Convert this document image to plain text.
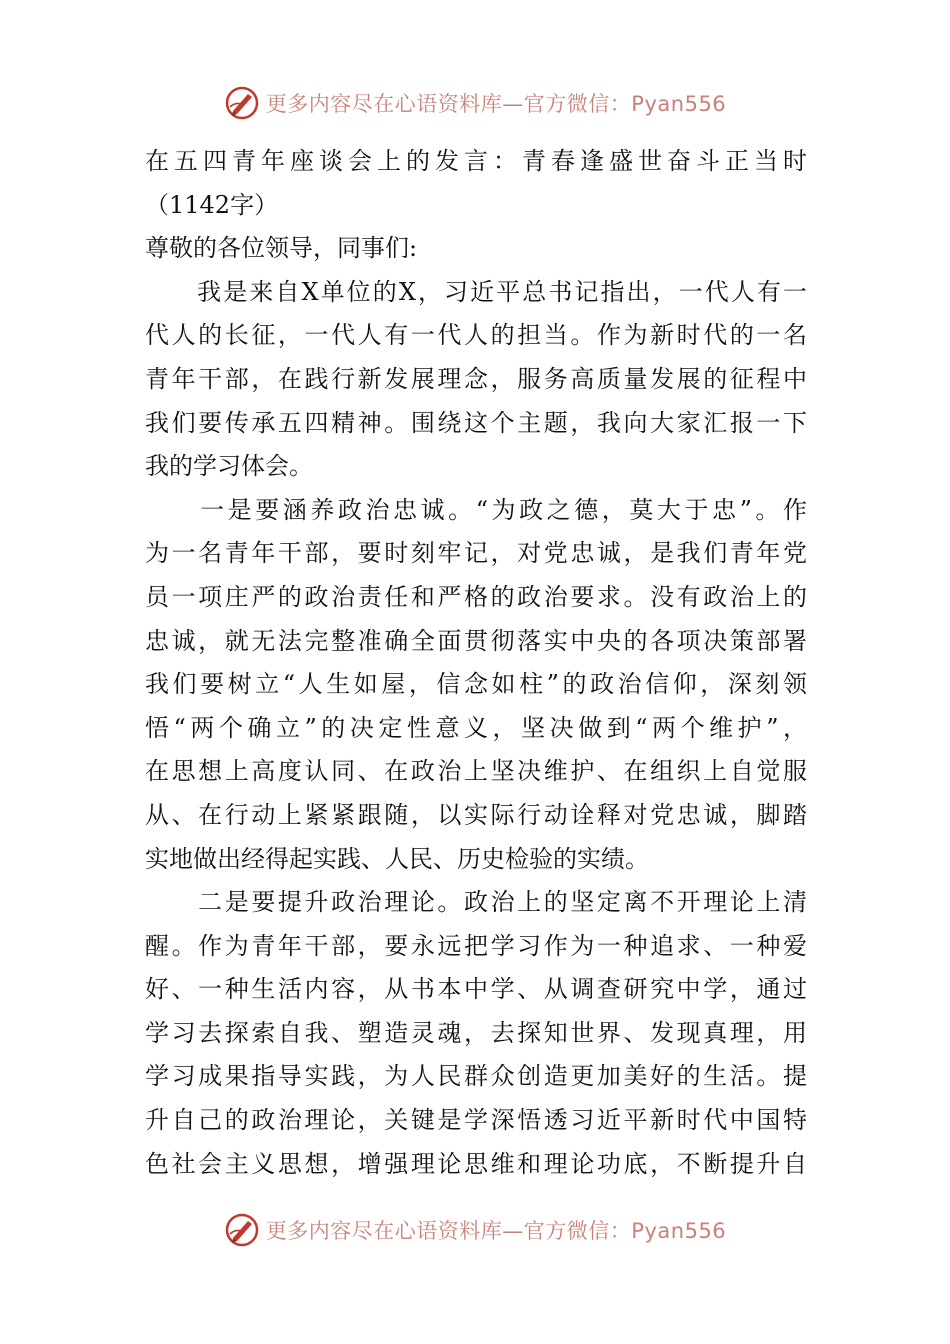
更多内容尽在心语资料库—官方微信：Pyan556
在五四青年座谈会上的发言：青春逢盛世奋斗正当时
（1142字）
尊敬的各位领导，同事们:
　　我是来自X单位的X，习近平总书记指出，一代人有一
代人的长征，一代人有一代人的担当。作为新时代的一名
青年干部，在践行新发展理念，服务高质量发展的征程中
我们要传承五四精神。围绕这个主题，我向大家汇报一下
我的学习体会。
　　一是要涵养政治忠诚。“为政之德，莫大于忠”。作
为一名青年干部，要时刻牢记，对党忠诚，是我们青年党
员一项庄严的政治责任和严格的政治要求。没有政治上的
忠诚，就无法完整准确全面贯彻落实中央的各项决策部署
我们要树立“人生如屋，信念如柱”的政治信仰，深刻领
悟“两个确立”的决定性意义，坚决做到“两个维护”，
在思想上高度认同、在政治上坚决维护、在组织上自觉服
从、在行动上紧紧跟随，以实际行动诠释对党忠诚，脚踏
实地做出经得起实践、人民、历史检验的实绩。
　　二是要提升政治理论。政治上的坚定离不开理论上清
醒。作为青年干部，要永远把学习作为一种追求、一种爱
好、一种生活内容，从书本中学、从调查研究中学，通过
学习去探索自我、塑造灵魂，去探知世界、发现真理，用
学习成果指导实践，为人民群众创造更加美好的生活。提
升自己的政治理论，关键是学深悟透习近平新时代中国特
色社会主义思想，增强理论思维和理论功底，不断提升自
更多内容尽在心语资料库—官方微信：Pyan556
